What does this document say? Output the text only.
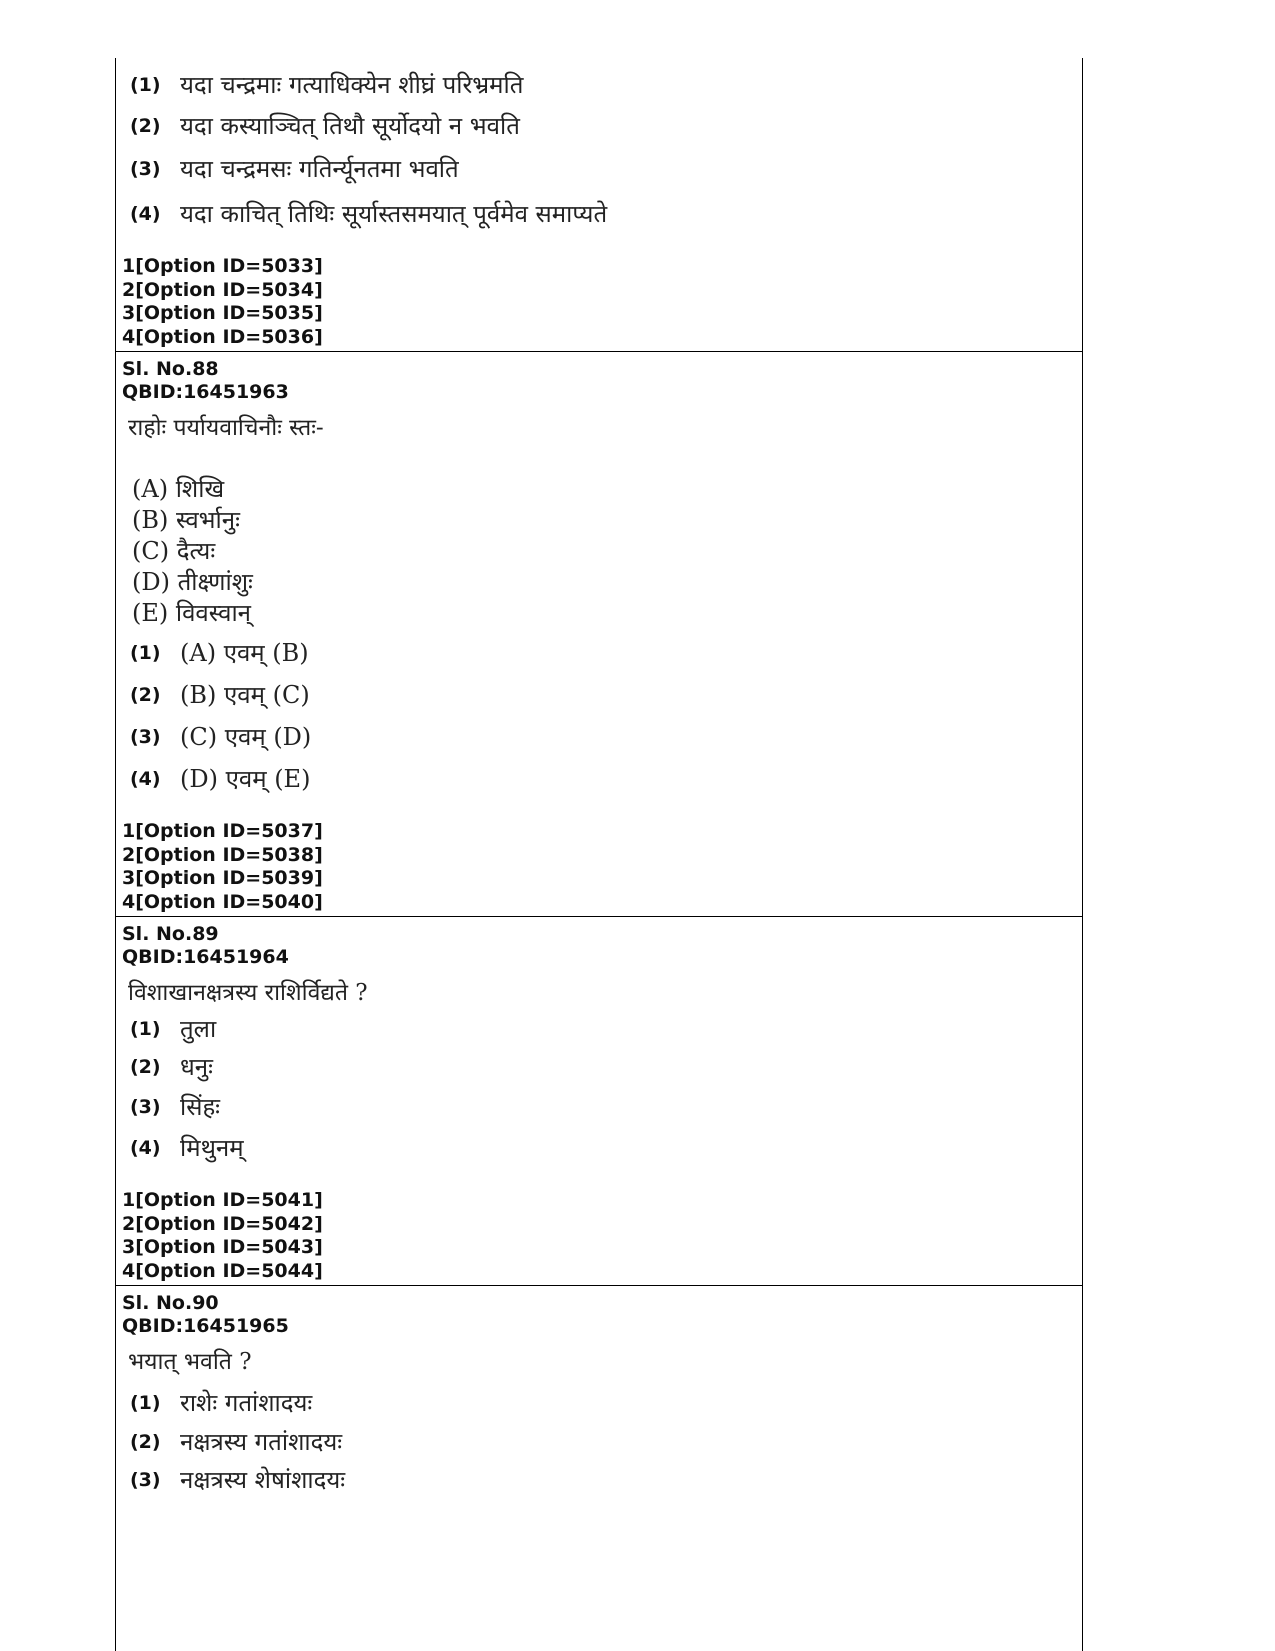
(1) यदा चन्द्रमाः गत्याधिक्येन शीघ्रं परिभ्रमति
(2) यदा कस्याञ्चित् तिथौ सूर्योदयो न भवति
(3) यदा चन्द्रमसः गतिर्न्यूनतमा भवति
(4) यदा काचित् तिथिः सूर्यास्तसमयात् पूर्वमेव समाप्यते
1[Option ID=5033]
2[Option ID=5034]
3[Option ID=5035]
4[Option ID=5036]
Sl. No.88
QBID:16451963
राहोः पर्यायवाचिनौः स्तः-
(A) शिखि
(B) स्वर्भानुः
(C) दैत्यः
(D) तीक्ष्णांशुः
(E) विवस्वान्
(1) (A) एवम् (B)
(2) (B) एवम् (C)
(3) (C) एवम् (D)
(4) (D) एवम् (E)
1[Option ID=5037]
2[Option ID=5038]
3[Option ID=5039]
4[Option ID=5040]
Sl. No.89
QBID:16451964
विशाखानक्षत्रस्य राशिर्विद्यते ?
(1) तुला
(2) धनुः
(3) सिंहः
(4) मिथुनम्
1[Option ID=5041]
2[Option ID=5042]
3[Option ID=5043]
4[Option ID=5044]
Sl. No.90
QBID:16451965
भयात् भवति ?
(1) राशेः गतांशादयः
(2) नक्षत्रस्य गतांशादयः
(3) नक्षत्रस्य शेषांशादयः
